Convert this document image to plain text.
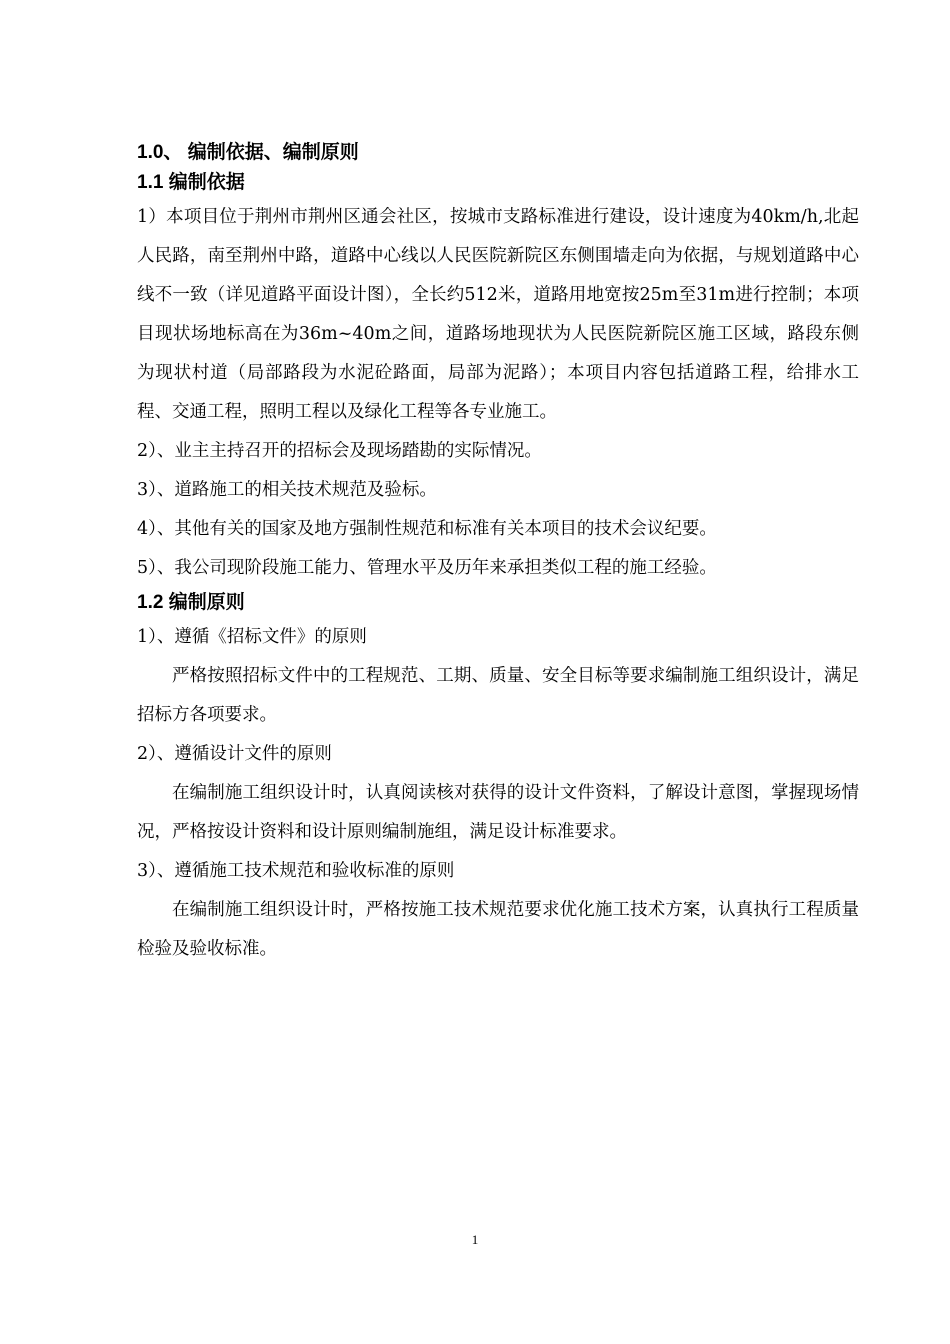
1.0、 编制依据、编制原则
1.1 编制依据
1）本项目位于荆州市荆州区通会社区，按城市支路标准进行建设，设计速度为40km/h,北起人民路，南至荆州中路，道路中心线以人民医院新院区东侧围墙走向为依据，与规划道路中心线不一致（详见道路平面设计图），全长约512米，道路用地宽按25m至31m进行控制；本项目现状场地标高在为36m~40m之间，道路场地现状为人民医院新院区施工区域，路段东侧为现状村道（局部路段为水泥砼路面，局部为泥路）；本项目内容包括道路工程，给排水工程、交通工程，照明工程以及绿化工程等各专业施工。
2）、业主主持召开的招标会及现场踏勘的实际情况。
3）、道路施工的相关技术规范及验标。
4）、其他有关的国家及地方强制性规范和标准有关本项目的技术会议纪要。
5）、我公司现阶段施工能力、管理水平及历年来承担类似工程的施工经验。
1.2 编制原则
1）、遵循《招标文件》的原则
严格按照招标文件中的工程规范、工期、质量、安全目标等要求编制施工组织设计，满足招标方各项要求。
2）、遵循设计文件的原则
在编制施工组织设计时，认真阅读核对获得的设计文件资料，了解设计意图，掌握现场情况，严格按设计资料和设计原则编制施组，满足设计标准要求。
3）、遵循施工技术规范和验收标准的原则
在编制施工组织设计时，严格按施工技术规范要求优化施工技术方案，认真执行工程质量检验及验收标准。
1
